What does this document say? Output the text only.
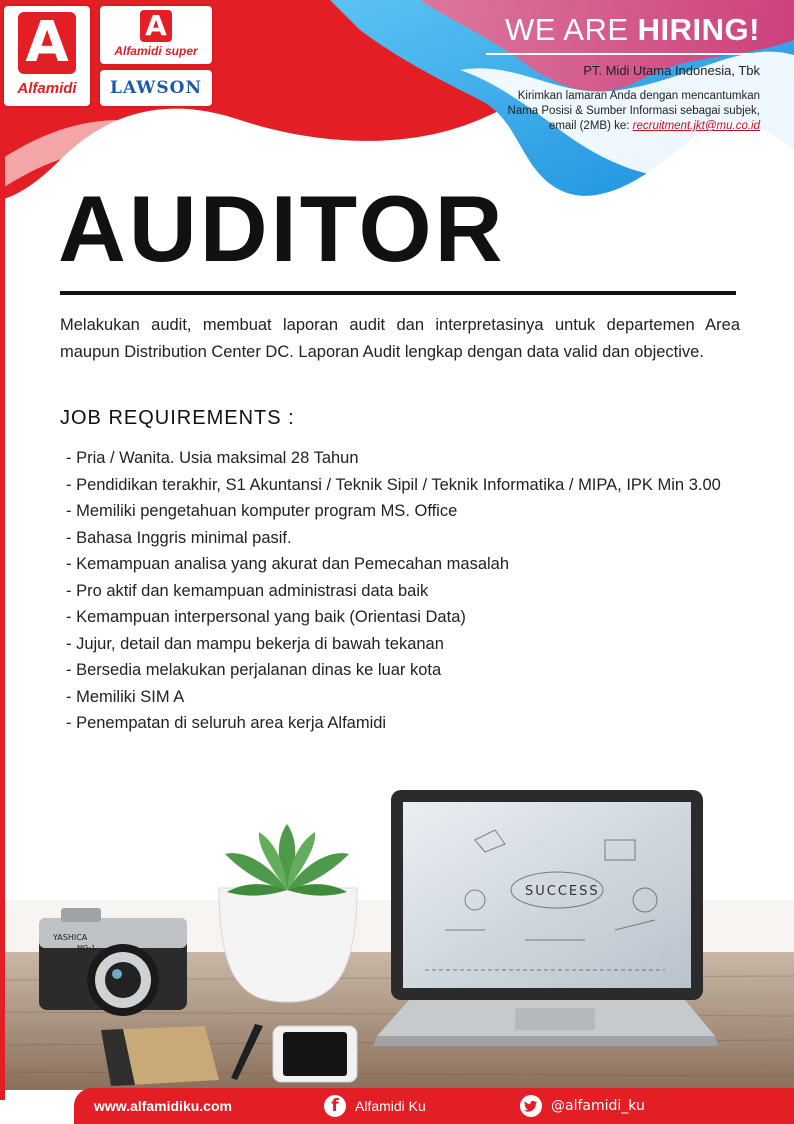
A
Alfamidi
A
Alfamidi super
LAWSON
WE ARE HIRING!
PT. Midi Utama Indonesia, Tbk
Kirimkan lamaran Anda dengan mencantumkan
Nama Posisi & Sumber Informasi sebagai subjek,
email (2MB) ke: recruitment.jkt@mu.co.id
AUDITOR

Melakukan audit, membuat laporan audit dan interpretasinya untuk departemen Area maupun Distribution Center DC. Laporan Audit lengkap dengan data valid dan objective.

JOB REQUIREMENTS :
- Pria / Wanita. Usia maksimal 28 Tahun
- Pendidikan terakhir, S1 Akuntansi / Teknik Sipil / Teknik Informatika / MIPA, IPK Min 3.00
- Memiliki pengetahuan komputer program MS. Office
- Bahasa Inggris minimal pasif.
- Kemampuan analisa yang akurat dan Pemecahan masalah
- Pro aktif dan kemampuan administrasi data baik
- Kemampuan interpersonal yang baik (Orientasi Data)
- Jujur, detail dan mampu bekerja di bawah tekanan
- Bersedia melakukan perjalanan dinas ke luar kota
- Memiliki SIM A
- Penempatan di seluruh area kerja Alfamidi
YASHICA
MG-1
SUCCESS
www.alfamidiku.com	f	Alfamidi Ku	@alfamidi_ku
